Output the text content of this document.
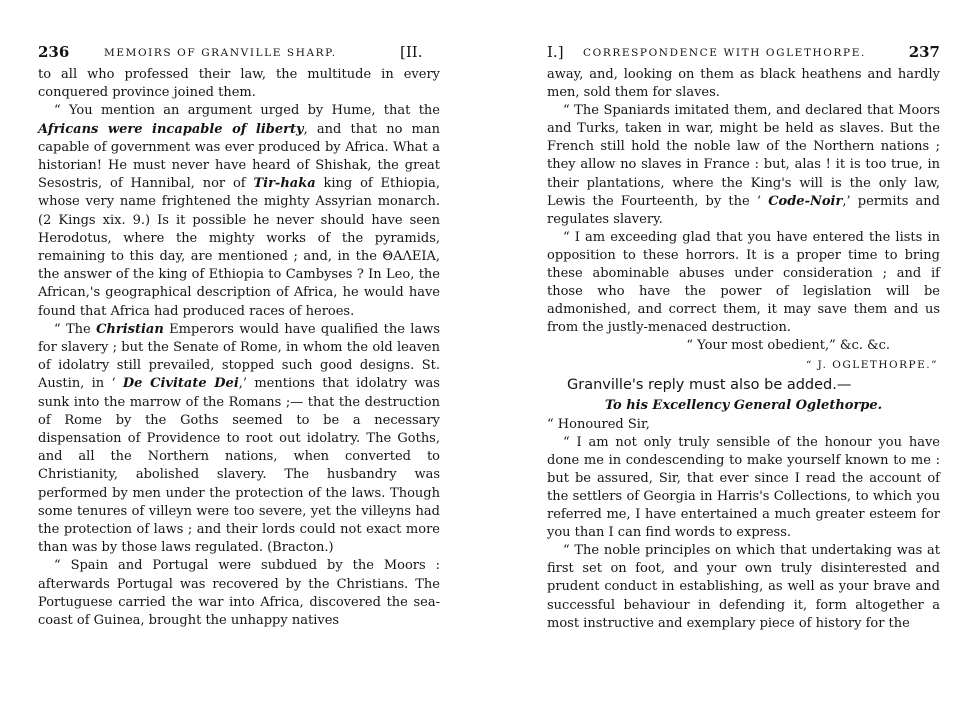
236	MEMOIRS OF GRANVILLE SHARP.	[II.

to all who professed their law, the multitude in every conquered province joined them.

“ You mention an argument urged by Hume, that the Africans were incapable of liberty, and that no man capable of government was ever produced by Africa. What a historian! He must never have heard of Shishak, the great Sesostris, of Hannibal, nor of Tir-haka king of Ethiopia, whose very name frightened the mighty Assyrian monarch. (2 Kings xix. 9.) Is it possible he never should have seen Herodotus, where the mighty works of the pyramids, remaining to this day, are mentioned ; and, in the ΘΑΛΕΙΑ, the answer of the king of Ethiopia to Cambyses ? In Leo, the African,'s geographical description of Africa, he would have found that Africa had produced races of heroes.

“ The Christian Emperors would have qualified the laws for slavery ; but the Senate of Rome, in whom the old leaven of idolatry still prevailed, stopped such good designs. St. Austin, in ‘ De Civitate Dei,’ mentions that idolatry was sunk into the marrow of the Romans ;— that the destruction of Rome by the Goths seemed to be a necessary dispensation of Providence to root out idolatry. The Goths, and all the Northern nations, when converted to Christianity, abolished slavery. The husbandry was performed by men under the protection of the laws. Though some tenures of villeyn were too severe, yet the villeyns had the protection of laws ; and their lords could not exact more than was by those laws regulated. (Bracton.)

“ Spain and Portugal were subdued by the Moors : afterwards Portugal was recovered by the Christians. The Portuguese carried the war into Africa, discovered the sea-coast of Guinea, brought the unhappy natives

I.] CORRESPONDENCE WITH OGLETHORPE.	237

away, and, looking on them as black heathens and hardly men, sold them for slaves.

“ The Spaniards imitated them, and declared that Moors and Turks, taken in war, might be held as slaves. But the French still hold the noble law of the Northern nations ; they allow no slaves in France : but, alas ! it is too true, in their plantations, where the King's will is the only law, Lewis the Fourteenth, by the ‘ Code-Noir,’ permits and regulates slavery.

“ I am exceeding glad that you have entered the lists in opposition to these horrors. It is a proper time to bring these abominable abuses under consideration ; and if those who have the power of legislation will be admonished, and correct them, it may save them and us from the justly-menaced destruction.

“ Your most obedient,” &c. &c.

“ J. OGLETHORPE.”

Granville's reply must also be added.—

To his Excellency General Oglethorpe.

“ Honoured Sir,

“ I am not only truly sensible of the honour you have done me in condescending to make yourself known to me : but be assured, Sir, that ever since I read the account of the settlers of Georgia in Harris's Collections, to which you referred me, I have entertained a much greater esteem for you than I can find words to express.

“ The noble principles on which that undertaking was at first set on foot, and your own truly disinterested and prudent conduct in establishing, as well as your brave and successful behaviour in defending it, form altogether a most instructive and exemplary piece of history for the
